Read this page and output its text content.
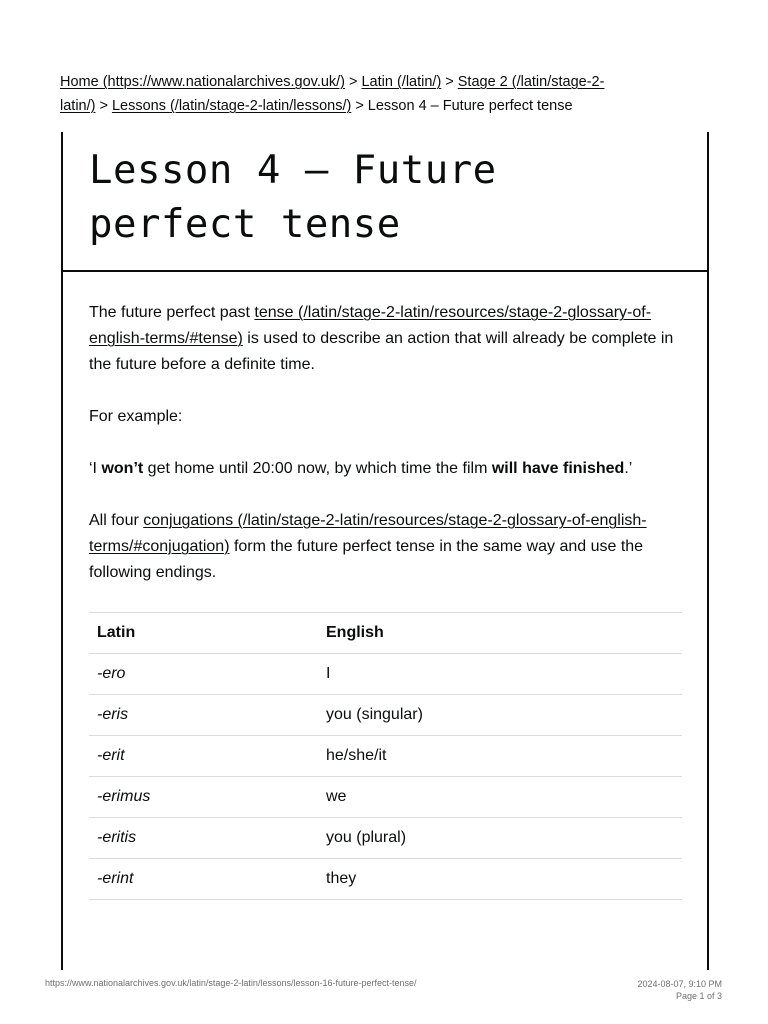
Home (https://www.nationalarchives.gov.uk/) > Latin (/latin/) > Stage 2 (/latin/stage-2-latin/) > Lessons (/latin/stage-2-latin/lessons/) > Lesson 4 – Future perfect tense
Lesson 4 – Future perfect tense

The future perfect past tense (/latin/stage-2-latin/resources/stage-2-glossary-of-english-terms/#tense) is used to describe an action that will already be complete in the future before a definite time.

For example:

‘I won’t get home until 20:00 now, by which time the film will have finished.’

All four conjugations (/latin/stage-2-latin/resources/stage-2-glossary-of-english-terms/#conjugation) form the future perfect tense in the same way and use the following endings.

Latin	English
-ero	I
-eris	you (singular)
-erit	he/she/it
-erimus	we
-eritis	you (plural)
-erint	they
https://www.nationalarchives.gov.uk/latin/stage-2-latin/lessons/lesson-16-future-perfect-tense/	2024-08-07, 9:10 PM
Page 1 of 3
